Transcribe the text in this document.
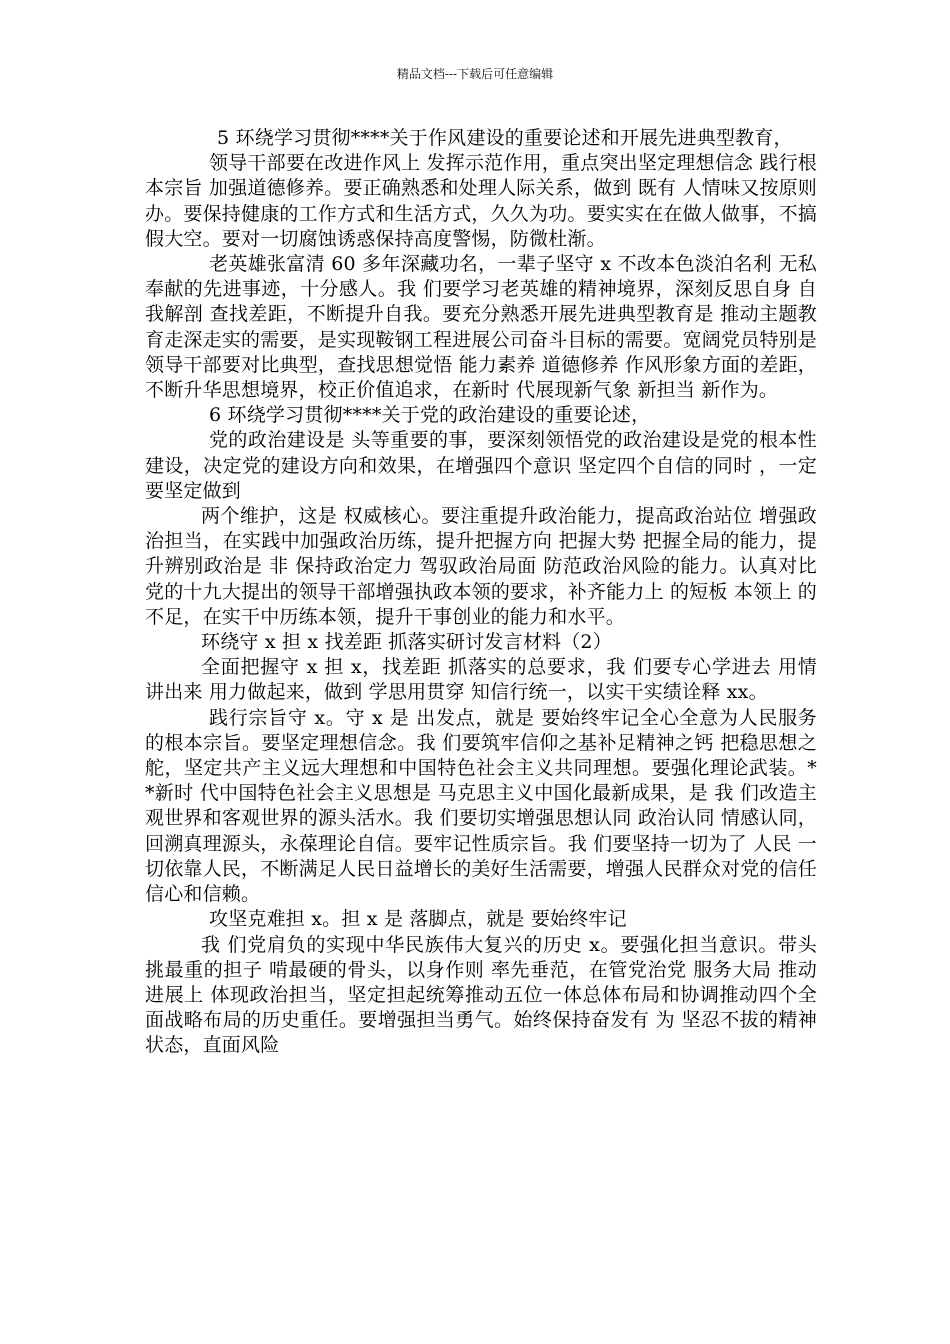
精品文档---下载后可任意编辑

5 环绕学习贯彻****关于作风建设的重要论述和开展先进典型教育，

领导干部要在改进作风上 发挥示范作用，重点突出坚定理想信念 践行根本宗旨 加强道德修养。要正确熟悉和处理人际关系，做到 既有 人情味又按原则办。要保持健康的工作方式和生活方式，久久为功。要实实在在做人做事，不搞假大空。要对一切腐蚀诱惑保持高度警惕，防微杜渐。

老英雄张富清 60 多年深藏功名，一辈子坚守 x 不改本色淡泊名利 无私奉献的先进事迹，十分感人。我 们要学习老英雄的精神境界，深刻反思自身 自我解剖 查找差距，不断提升自我。要充分熟悉开展先进典型教育是 推动主题教育走深走实的需要，是实现鞍钢工程进展公司奋斗目标的需要。宽阔党员特别是 领导干部要对比典型，查找思想觉悟 能力素养 道德修养 作风形象方面的差距，不断升华思想境界，校正价值追求，在新时 代展现新气象 新担当 新作为。

6 环绕学习贯彻****关于党的政治建设的重要论述，

党的政治建设是 头等重要的事，要深刻领悟党的政治建设是党的根本性建设，决定党的建设方向和效果，在增强四个意识 坚定四个自信的同时 ，一定要坚定做到

两个维护，这是 权威核心。要注重提升政治能力，提高政治站位 增强政治担当，在实践中加强政治历练，提升把握方向 把握大势 把握全局的能力，提升辨别政治是 非 保持政治定力 驾驭政治局面 防范政治风险的能力。认真对比党的十九大提出的领导干部增强执政本领的要求，补齐能力上 的短板 本领上 的不足，在实干中历练本领，提升干事创业的能力和水平。

环绕守 x 担 x 找差距 抓落实研讨发言材料（2）

全面把握守 x 担 x，找差距 抓落实的总要求，我 们要专心学进去 用情讲出来 用力做起来，做到 学思用贯穿 知信行统一，以实干实绩诠释 xx。

践行宗旨守 x。守 x 是 出发点，就是 要始终牢记全心全意为人民服务的根本宗旨。要坚定理想信念。我 们要筑牢信仰之基补足精神之钙 把稳思想之舵，坚定共产主义远大理想和中国特色社会主义共同理想。要强化理论武装。**新时 代中国特色社会主义思想是 马克思主义中国化最新成果，是 我 们改造主观世界和客观世界的源头活水。我 们要切实增强思想认同 政治认同 情感认同，回溯真理源头，永葆理论自信。要牢记性质宗旨。我 们要坚持一切为了 人民 一切依靠人民，不断满足人民日益增长的美好生活需要，增强人民群众对党的信任 信心和信赖。

攻坚克难担 x。担 x 是 落脚点，就是 要始终牢记

我 们党肩负的实现中华民族伟大复兴的历史 x。要强化担当意识。带头挑最重的担子 啃最硬的骨头，以身作则 率先垂范，在管党治党 服务大局 推动进展上 体现政治担当，坚定担起统筹推动五位一体总体布局和协调推动四个全面战略布局的历史重任。要增强担当勇气。始终保持奋发有 为 坚忍不拔的精神状态，直面风险
